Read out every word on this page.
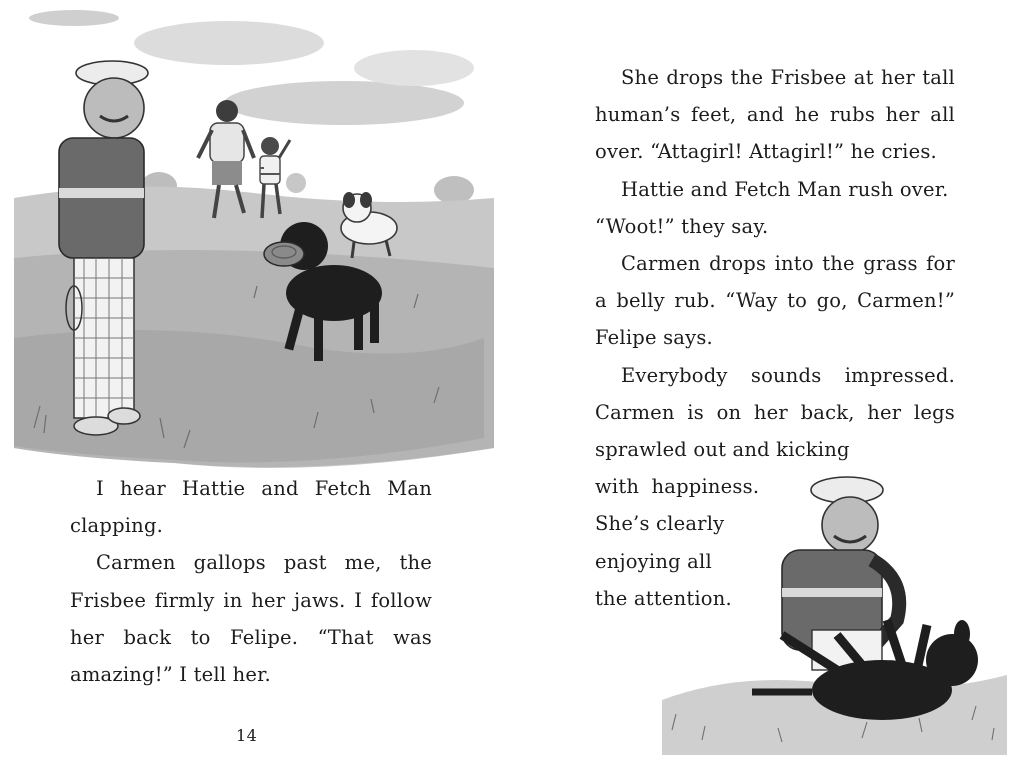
I hear Hattie and Fetch Man
clapping.

Carmen gallops past me, the
Frisbee firmly in her jaws. I follow
her back to Felipe. “That was
amazing!” I tell her.

14

She drops the Frisbee at her tall
human’s feet, and he rubs her all
over. “Attagirl! Attagirl!” he cries.

Hattie and Fetch Man rush over.
“Woot!” they say.

Carmen drops into the grass for
a belly rub. “Way to go, Carmen!”
Felipe says.

Everybody sounds impressed.
Carmen is on her back, her legs
sprawled out and kicking
with happiness.
She’s clearly
enjoying all
the attention.
